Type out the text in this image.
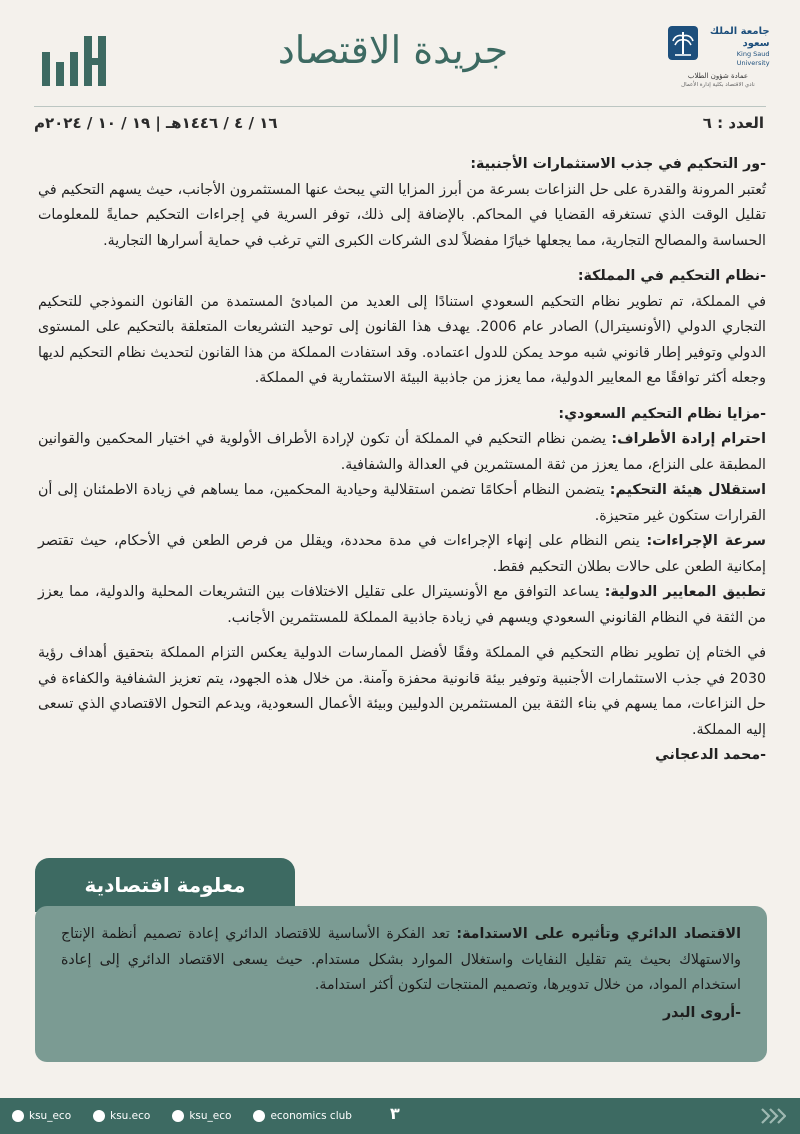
جامعة الملك سعود
King Saud University

عمادة شؤون الطلاب
نادي الاقتصاد بكلية إدارة الأعمال
جريدة الاقتصاد
العدد : ٦
١٦ / ٤ / ١٤٤٦هـ | ١٩ / ١٠ / ٢٠٢٤م
-ور التحكيم في جذب الاستثمارات الأجنبية:

تُعتبر المرونة والقدرة على حل النزاعات بسرعة من أبرز المزايا التي يبحث عنها المستثمرون الأجانب، حيث يسهم التحكيم في تقليل الوقت الذي تستغرقه القضايا في المحاكم. بالإضافة إلى ذلك، توفر السرية في إجراءات التحكيم حمايةً للمعلومات الحساسة والمصالح التجارية، مما يجعلها خيارًا مفضلاً لدى الشركات الكبرى التي ترغب في حماية أسرارها التجارية.

-نظام التحكيم في المملكة:

في المملكة، تم تطوير نظام التحكيم السعودي استنادًا إلى العديد من المبادئ المستمدة من القانون النموذجي للتحكيم التجاري الدولي (الأونسيترال) الصادر عام 2006. يهدف هذا القانون إلى توحيد التشريعات المتعلقة بالتحكيم على المستوى الدولي وتوفير إطار قانوني شبه موحد يمكن للدول اعتماده. وقد استفادت المملكة من هذا القانون لتحديث نظام التحكيم لديها وجعله أكثر توافقًا مع المعايير الدولية، مما يعزز من جاذبية البيئة الاستثمارية في المملكة.

-مزايا نظام التحكيم السعودي:

احترام إرادة الأطراف: يضمن نظام التحكيم في المملكة أن تكون لإرادة الأطراف الأولوية في اختيار المحكمين والقوانين المطبقة على النزاع، مما يعزز من ثقة المستثمرين في العدالة والشفافية.

استقلال هيئة التحكيم: يتضمن النظام أحكامًا تضمن استقلالية وحيادية المحكمين، مما يساهم في زيادة الاطمئنان إلى أن القرارات ستكون غير متحيزة.

سرعة الإجراءات: ينص النظام على إنهاء الإجراءات في مدة محددة، ويقلل من فرص الطعن في الأحكام، حيث تقتصر إمكانية الطعن على حالات بطلان التحكيم فقط.

تطبيق المعايير الدولية: يساعد التوافق مع الأونسيترال على تقليل الاختلافات بين التشريعات المحلية والدولية، مما يعزز من الثقة في النظام القانوني السعودي ويسهم في زيادة جاذبية المملكة للمستثمرين الأجانب.

في الختام إن تطوير نظام التحكيم في المملكة وفقًا لأفضل الممارسات الدولية يعكس التزام المملكة بتحقيق أهداف رؤية 2030 في جذب الاستثمارات الأجنبية وتوفير بيئة قانونية محفزة وآمنة. من خلال هذه الجهود، يتم تعزيز الشفافية والكفاءة في حل النزاعات، مما يسهم في بناء الثقة بين المستثمرين الدوليين وبيئة الأعمال السعودية، ويدعم التحول الاقتصادي الذي تسعى إليه المملكة.

-محمد الدعجاني

معلومة اقتصادية

الاقتصاد الدائري وتأثيره على الاستدامة: تعد الفكرة الأساسية للاقتصاد الدائري إعادة تصميم أنظمة الإنتاج والاستهلاك بحيث يتم تقليل النفايات واستغلال الموارد بشكل مستدام. حيث يسعى الاقتصاد الدائري إلى إعادة استخدام المواد، من خلال تدويرها، وتصميم المنتجات لتكون أكثر استدامة.

-أروى البدر

٣
ksu_eco	ksu.eco	ksu_eco	economics club
